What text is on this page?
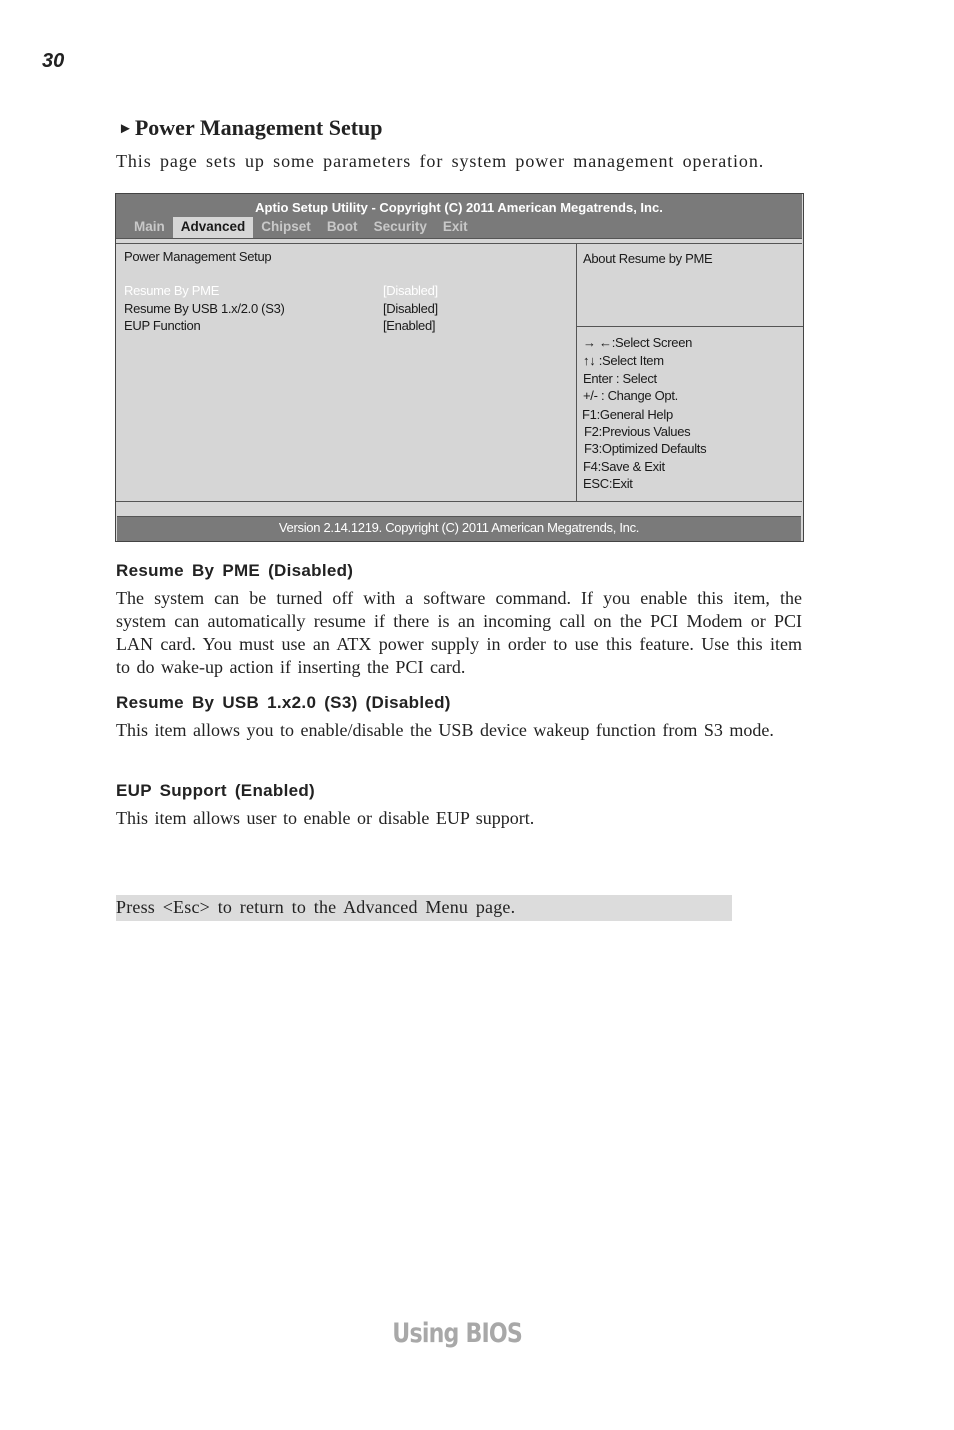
30
►Power Management Setup
This page sets up some parameters for system power management operation.
Aptio Setup Utility - Copyright (C) 2011 American Megatrends, Inc.
Main	Advanced	Chipset	Boot	Security	Exit
Power Management Setup
Resume By PME	[Disabled]
Resume By USB 1.x/2.0 (S3)	[Disabled]
EUP Function	[Enabled]
About Resume by PME
→ ←:Select Screen
↑↓ :Select Item
Enter : Select
+/- : Change Opt.
F1:General Help
F2:Previous Values
F3:Optimized Defaults
F4:Save & Exit
ESC:Exit
Version 2.14.1219. Copyright (C) 2011 American Megatrends, Inc.
Resume By PME (Disabled)
The system can be turned off with a software command. If you enable this item, the system can automatically resume if there is an incoming call on the PCI Modem or PCI LAN card. You must use an ATX power supply in order to use this feature. Use this item to do wake-up action if inserting the PCI card.
Resume By USB 1.x2.0 (S3) (Disabled)
This item allows you to enable/disable the USB device wakeup function from S3 mode.
EUP Support (Enabled)
This item allows user to enable or disable EUP support.
Press <Esc> to return to the Advanced Menu page.
Using BIOS
